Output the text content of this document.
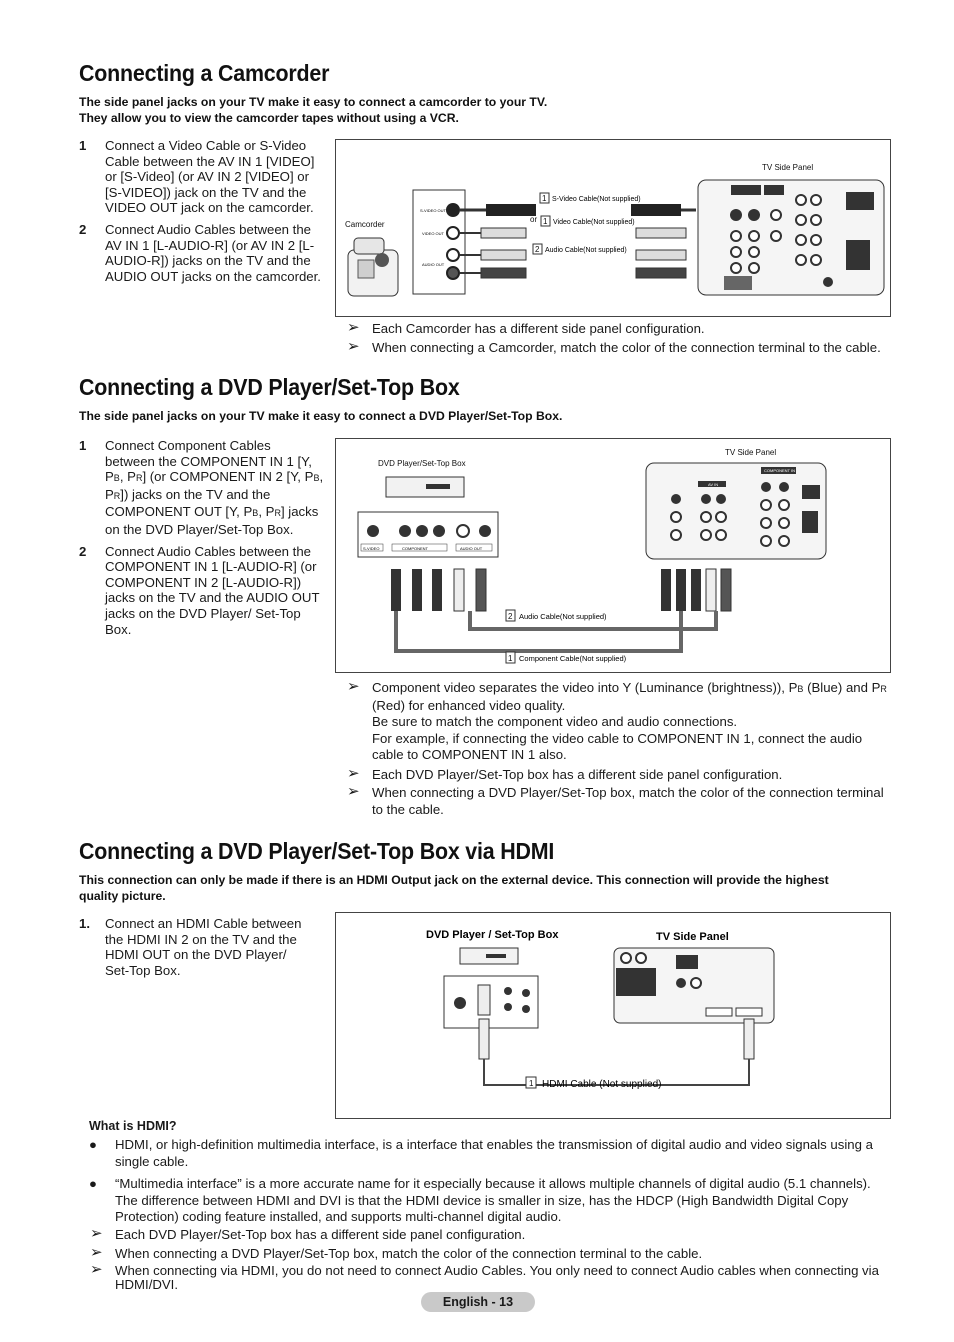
Connecting a Camcorder
The side panel jacks on your TV make it easy to connect a camcorder to your TV.
They allow you to view the camcorder tapes without using a VCR.
1 Connect a Video Cable or S-Video Cable between the AV IN 1 [VIDEO] or [S-Video] (or AV IN 2 [VIDEO] or [S-VIDEO]) jack on the TV and the VIDEO OUT jack on the camcorder.
2 Connect Audio Cables between the AV IN 1 [L-AUDIO-R] (or AV IN 2 [L-AUDIO-R]) jacks on the TV and the AUDIO OUT jacks on the camcorder.
TV Side Panel
Camcorder
S-VIDEO OUT
VIDEO OUT
AUDIO OUT
1 S-Video Cable(Not supplied)
or 1 Video Cable(Not supplied)
2 Audio Cable(Not supplied)
➢ Each Camcorder has a different side panel configuration.
➢ When connecting a Camcorder, match the color of the connection terminal to the cable.
Connecting a DVD Player/Set-Top Box
The side panel jacks on your TV make it easy to connect a DVD Player/Set-Top Box.
1 Connect Component Cables between the COMPONENT IN 1 [Y, PB, PR] (or COMPONENT IN 2 [Y, PB, PR]) jacks on the TV and the COMPONENT OUT [Y, PB, PR] jacks on the DVD Player/Set-Top Box.
2 Connect Audio Cables between the COMPONENT IN 1 [L-AUDIO-R] (or COMPONENT IN 2 [L-AUDIO-R]) jacks on the TV and the AUDIO OUT jacks on the DVD Player/ Set-Top Box.
DVD Player/Set-Top Box
TV Side Panel
S-VIDEO	COMPONENT	AUDIO OUT
2 Audio Cable(Not supplied)
1 Component Cable(Not supplied)
COMPONENT IN
AV IN
➢ Component video separates the video into Y (Luminance (brightness)), PB (Blue) and PR (Red) for enhanced video quality.
Be sure to match the component video and audio connections.
For example, if connecting the video cable to COMPONENT IN 1, connect the audio cable to COMPONENT IN 1 also.
➢ Each DVD Player/Set-Top box has a different side panel configuration.
➢ When connecting a DVD Player/Set-Top box, match the color of the connection terminal to the cable.
Connecting a DVD Player/Set-Top Box via HDMI
This connection can only be made if there is an HDMI Output jack on the external device. This connection will provide the highest quality picture.
1. Connect an HDMI Cable between the HDMI IN 2 on the TV and the HDMI OUT on the DVD Player/ Set-Top Box.
DVD Player / Set-Top Box	TV Side Panel
1 HDMI Cable (Not supplied)
What is HDMI?
● HDMI, or high-definition multimedia interface, is a interface that enables the transmission of digital audio and video signals using a single cable.
● “Multimedia interface” is a more accurate name for it especially because it allows multiple channels of digital audio (5.1 channels). The difference between HDMI and DVI is that the HDMI device is smaller in size, has the HDCP (High Bandwidth Digital Copy Protection) coding feature installed, and supports multi-channel digital audio.
➢ Each DVD Player/Set-Top box has a different side panel configuration.
➢ When connecting a DVD Player/Set-Top box, match the color of the connection terminal to the cable.
➢ When connecting via HDMI, you do not need to connect Audio Cables. You only need to connect Audio cables when connecting via HDMI/DVI.
English - 13
